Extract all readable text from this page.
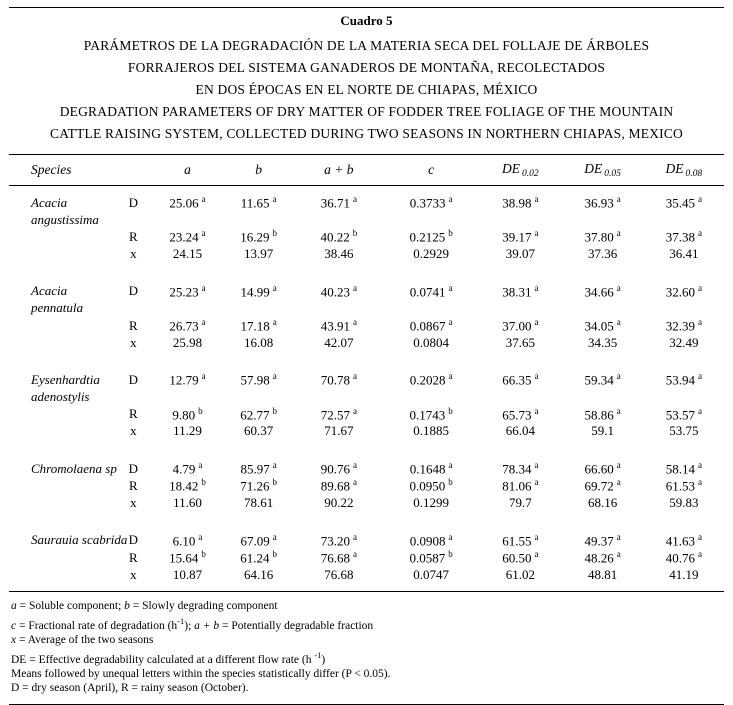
Cuadro 5
PARÁMETROS DE LA DEGRADACIÓN DE LA MATERIA SECA DEL FOLLAJE DE ÁRBOLES
FORRAJEROS DEL SISTEMA GANADEROS DE MONTAÑA, RECOLECTADOS
EN DOS ÉPOCAS EN EL NORTE DE CHIAPAS, MÉXICO
DEGRADATION PARAMETERS OF DRY MATTER OF FODDER TREE FOLIAGE OF THE MOUNTAIN
CATTLE RAISING SYSTEM, COLLECTED DURING TWO SEASONS IN NORTHERN CHIAPAS, MEXICO
Species		a	b	a + b	c	DE $_{0.02}$	DE $_{0.05}$	DE $_{0.08}$

Acacia	D	25.06 $^a$	11.65 $^a$	36.71 $^a$	0.3733 $^a$	38.98 $^a$	36.93 $^a$	35.45 $^a$
angustissima								
	R	23.24 $^a$	16.29 $^b$	40.22 $^b$	0.2125 $^b$	39.17 $^a$	37.80 $^a$	37.38 $^a$
	x	24.15	13.97	38.46	0.2929	39.07	37.36	36.41

Acacia	D	25.23 $^a$	14.99 $^a$	40.23 $^a$	0.0741 $^a$	38.31 $^a$	34.66 $^a$	32.60 $^a$
pennatula								
	R	26.73 $^a$	17.18 $^a$	43.91 $^a$	0.0867 $^a$	37.00 $^a$	34.05 $^a$	32.39 $^a$
	x	25.98	16.08	42.07	0.0804	37.65	34.35	32.49

Eysenhardtia	D	12.79 $^a$	57.98 $^a$	70.78 $^a$	0.2028 $^a$	66.35 $^a$	59.34 $^a$	53.94 $^a$
adenostylis								
	R	9.80 $^b$	62.77 $^b$	72.57 $^a$	0.1743 $^b$	65.73 $^a$	58.86 $^a$	53.57 $^a$
	x	11.29	60.37	71.67	0.1885	66.04	59.1	53.75

Chromolaena sp	D	4.79 $^a$	85.97 $^a$	90.76 $^a$	0.1648 $^a$	78.34 $^a$	66.60 $^a$	58.14 $^a$
	R	18.42 $^b$	71.26 $^b$	89.68 $^a$	0.0950 $^b$	81.06 $^a$	69.72 $^a$	61.53 $^a$
	x	11.60	78.61	90.22	0.1299	79.7	68.16	59.83

Saurauia scabrida	D	6.10 $^a$	67.09 $^a$	73.20 $^a$	0.0908 $^a$	61.55 $^a$	49.37 $^a$	41.63 $^a$
	R	15.64 $^b$	61.24 $^b$	76.68 $^a$	0.0587 $^b$	60.50 $^a$	48.26 $^a$	40.76 $^a$
	x	10.87	64.16	76.68	0.0747	61.02	48.81	41.19

a = Soluble component; b = Slowly degrading component
c = Fractional rate of degradation $(h^{-1})$; a + b = Potentially degradable fraction
x = Average of the two seasons
DE = Effective degradability calculated at a different flow rate (h $^{-1}$)
Means followed by unequal letters within the species statistically differ (P < 0.05).
D = dry season (April), R = rainy season (October).
